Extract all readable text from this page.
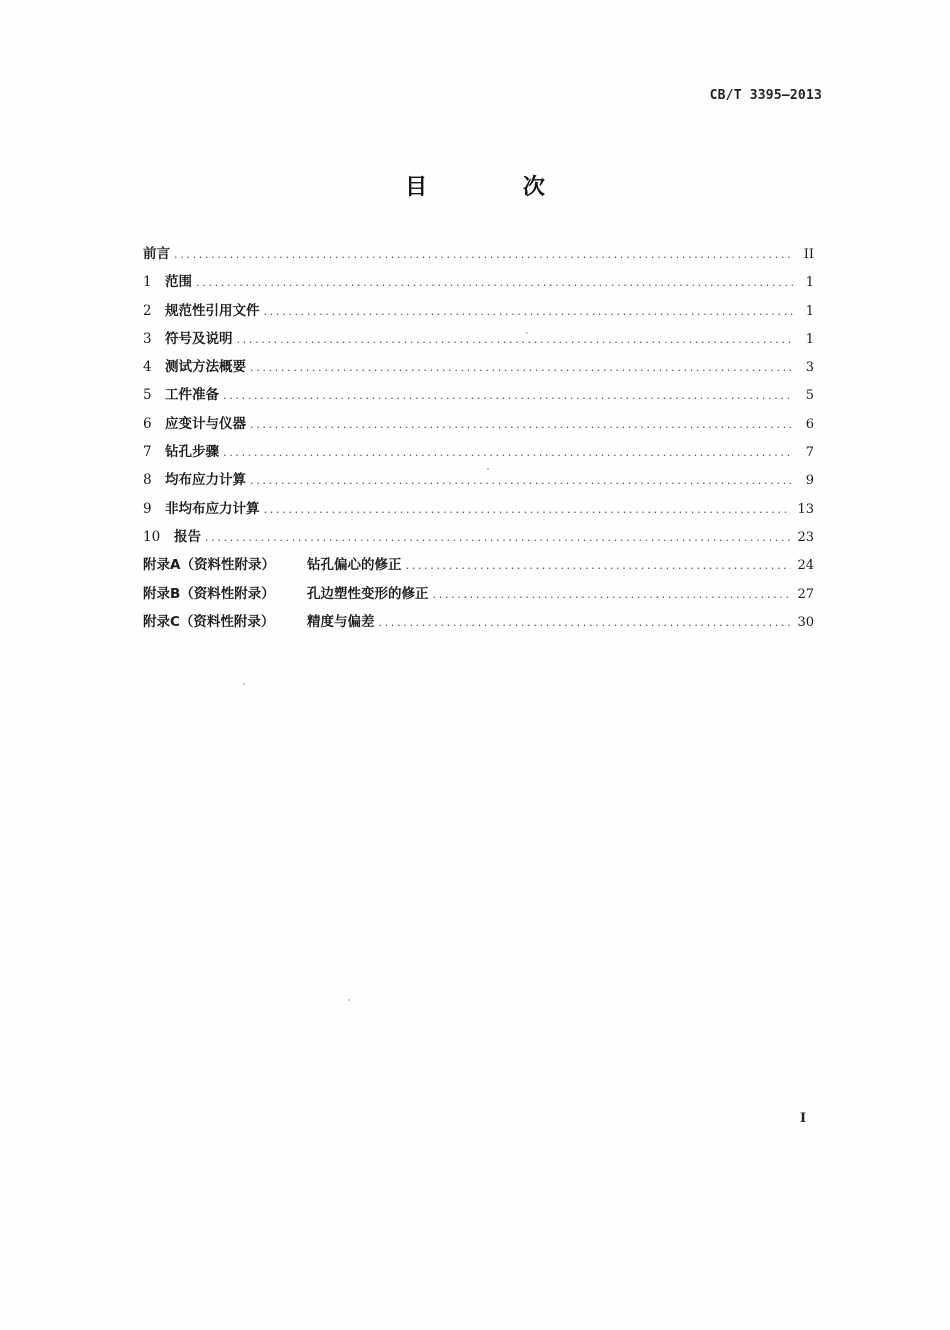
CB/T 3395—2013
目 次
前言 . . .	II
1 范围 . . .	1
2 规范性引用文件 . . .	1
3 符号及说明 . . .	1
4 测试方法概要 . . .	3
5 工件准备 . . .	5
6 应变计与仪器 . . .	6
7 钻孔步骤 . . .	7
8 均布应力计算 . . .	9
9 非均布应力计算 . . .	13
10 报告 . . .	23
附录A（资料性附录） 钻孔偏心的修正 . . .	24
附录B（资料性附录） 孔边塑性变形的修正 . . .	27
附录C（资料性附录） 精度与偏差 . . .	30
I
